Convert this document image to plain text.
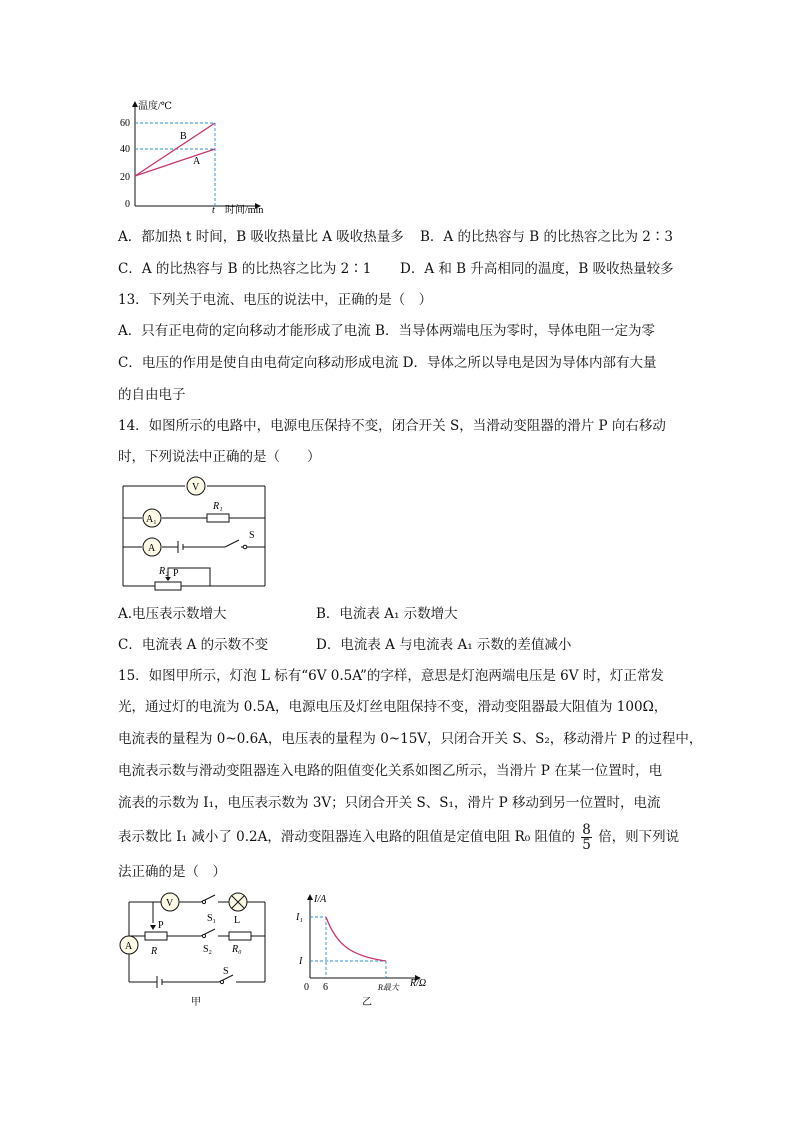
温度/℃
60
40
20
0
B
A
t 时间/min
A．都加热 t 时间，B 吸收热量比 A 吸收热量多 B．A 的比热容与 B 的比热容之比为 2∶3
C．A 的比热容与 B 的比热容之比为 2∶1 D．A 和 B 升高相同的温度，B 吸收热量较多
13．下列关于电流、电压的说法中，正确的是（　）
A．只有正电荷的定向移动才能形成了电流 B．当导体两端电压为零时，导体电阻一定为零
C．电压的作用是使自由电荷定向移动形成电流 D．导体之所以导电是因为导体内部有大量
的自由电子
14．如图所示的电路中，电源电压保持不变，闭合开关 S，当滑动变阻器的滑片 P 向右移动
时，下列说法中正确的是（　　）
V
A₁
A
R₁
S
R₂ P
A.电压表示数增大	B．电流表 A₁ 示数增大
C．电流表 A 的示数不变	D．电流表 A 与电流表 A₁ 示数的差值减小
15．如图甲所示，灯泡 L 标有“6V 0.5A”的字样，意思是灯泡两端电压是 6V 时，灯正常发
光，通过灯的电流为 0.5A，电源电压及灯丝电阻保持不变，滑动变阻器最大阻值为 100Ω，
电流表的量程为 0~0.6A，电压表的量程为 0~15V，只闭合开关 S、S₂，移动滑片 P 的过程中，
电流表示数与滑动变阻器连入电路的阻值变化关系如图乙所示，当滑片 P 在某一位置时，电
流表的示数为 I₁，电压表示数为 3V；只闭合开关 S、S₁，滑片 P 移动到另一位置时，电流
表示数比 I₁ 减小了 0.2A，滑动变阻器连入电路的阻值是定值电阻 R₀ 阻值的 $\frac{8}{5}$ 倍，则下列说
法正确的是（　）
V
A
S₁ L
P
R	S₂ R₀
S
甲
I/A
I₁
I
0 6	R最大 R/Ω
乙
